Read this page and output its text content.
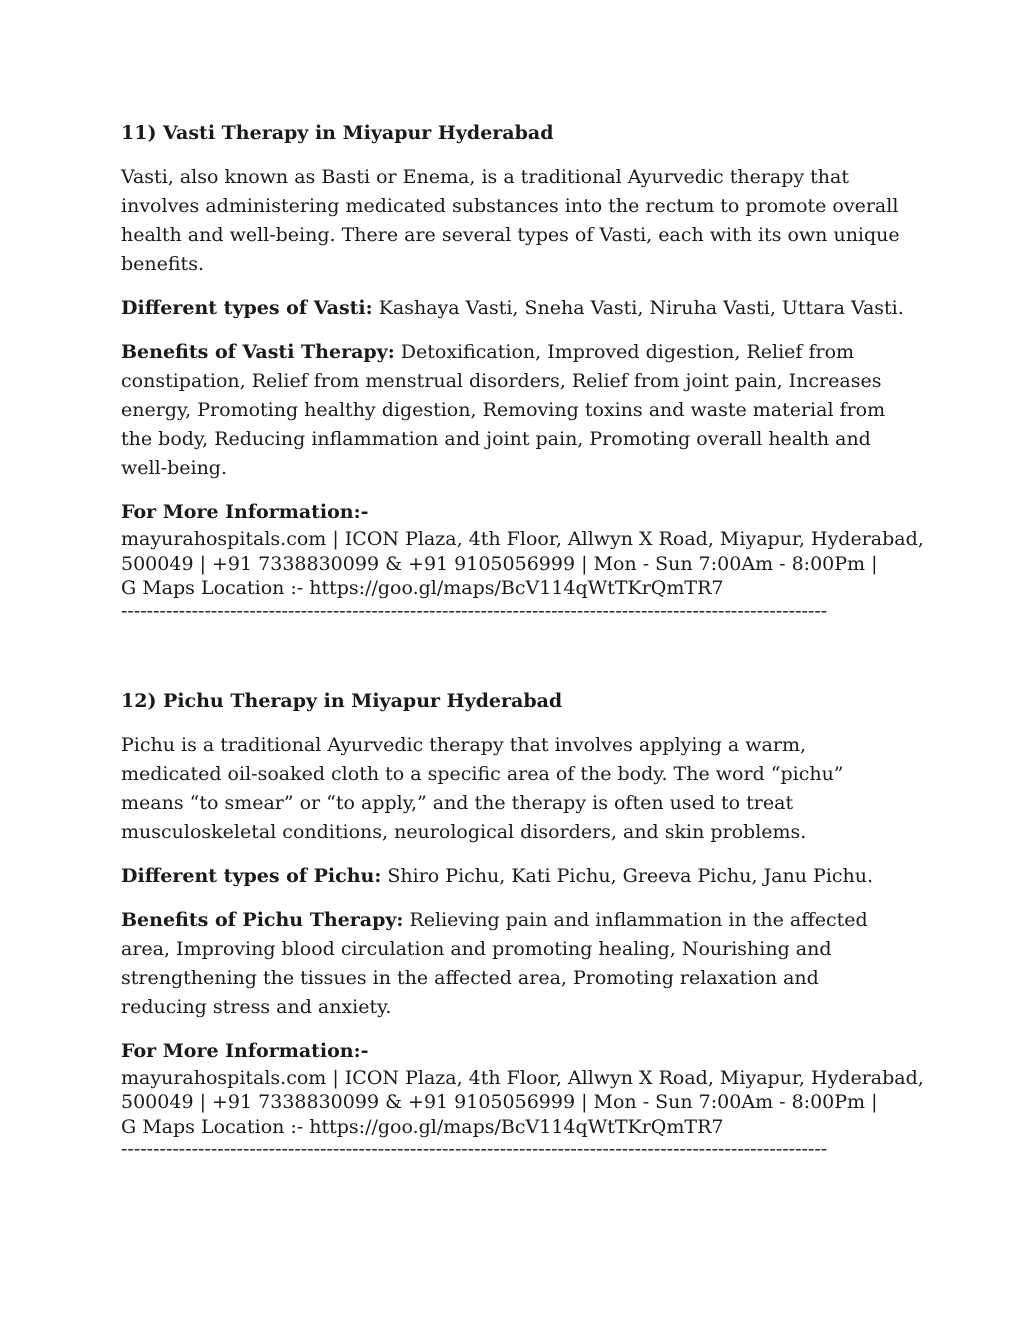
11) Vasti Therapy in Miyapur Hyderabad

Vasti, also known as Basti or Enema, is a traditional Ayurvedic therapy that involves administering medicated substances into the rectum to promote overall health and well-being. There are several types of Vasti, each with its own unique benefits.

Different types of Vasti: Kashaya Vasti, Sneha Vasti, Niruha Vasti, Uttara Vasti.

Benefits of Vasti Therapy: Detoxification, Improved digestion, Relief from constipation, Relief from menstrual disorders, Relief from joint pain, Increases energy, Promoting healthy digestion, Removing toxins and waste material from the body, Reducing inflammation and joint pain, Promoting overall health and well-being.

For More Information:-

mayurahospitals.com | ICON Plaza, 4th Floor, Allwyn X Road, Miyapur, Hyderabad,

500049 | +91 7338830099 & +91 9105056999 | Mon - Sun 7:00Am - 8:00Pm |

G Maps Location :- https://goo.gl/maps/BcV114qWtTKrQmTR7

--------------------------------------------------------------------------------------------------------------

12) Pichu Therapy in Miyapur Hyderabad

Pichu is a traditional Ayurvedic therapy that involves applying a warm, medicated oil-soaked cloth to a specific area of the body. The word “pichu” means “to smear” or “to apply,” and the therapy is often used to treat musculoskeletal conditions, neurological disorders, and skin problems.

Different types of Pichu: Shiro Pichu, Kati Pichu, Greeva Pichu, Janu Pichu.

Benefits of Pichu Therapy: Relieving pain and inflammation in the affected area, Improving blood circulation and promoting healing, Nourishing and strengthening the tissues in the affected area, Promoting relaxation and reducing stress and anxiety.

For More Information:-

mayurahospitals.com | ICON Plaza, 4th Floor, Allwyn X Road, Miyapur, Hyderabad,

500049 | +91 7338830099 & +91 9105056999 | Mon - Sun 7:00Am - 8:00Pm |

G Maps Location :- https://goo.gl/maps/BcV114qWtTKrQmTR7

--------------------------------------------------------------------------------------------------------------
